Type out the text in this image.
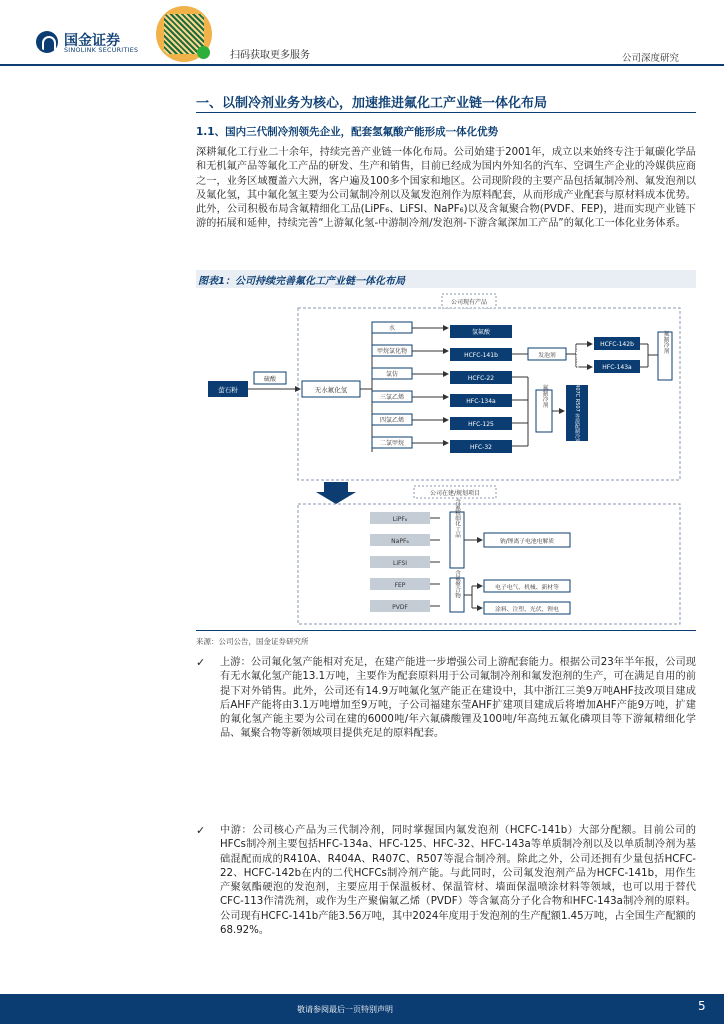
国金证券
SINOLINK SECURITIES	扫码获取更多服务	公司深度研究
一、以制冷剂业务为核心，加速推进氟化工产业链一体化布局
1.1、国内三代制冷剂领先企业，配套氢氟酸产能形成一体化优势
深耕氟化工行业二十余年，持续完善产业链一体化布局。公司始建于2001年，成立以来始终专注于氟碳化学品和无机氟产品等氟化工产品的研发、生产和销售，目前已经成为国内外知名的汽车、空调生产企业的冷媒供应商之一，业务区域覆盖六大洲，客户遍及100多个国家和地区。公司现阶段的主要产品包括氟制冷剂、氟发泡剂以及氟化氢，其中氟化氢主要为公司氟制冷剂以及氟发泡剂作为原料配套，从而形成产业配套与原材料成本优势。此外，公司积极布局含氟精细化工品(LiPF₆、LiFSI、NaPF₆)以及含氟聚合物(PVDF、FEP)，进而实现产业链下游的拓展和延伸，持续完善“上游氟化氢-中游制冷剂/发泡剂-下游含氟深加工产品”的氟化工一体化业务体系。
图表1：公司持续完善氟化工产业链一体化布局
公司现有产品
萤石粉
硫酸
无水氟化氢
水
甲烷氯化物
氯仿
三氯乙烯
四氯乙烯
二氯甲烷
氢氟酸
HCFC-141b
HCFC-22
HFC-134a
HFC-125
HFC-32
发泡剂
HCFC-142b
HFC-143a
氟制冷剂
氟制冷剂	R410A R404A R407C R507 等混配制冷剂
公司在建/规划项目
LiPF₆
NaPF₆
LiFSI
FEP
PVDF
含氟精细化工品
含氟聚合物
钠/锂离子电池电解质
电子电气、机械、新材等
涂料、注塑、光伏、锂电
来源：公司公告，国金证券研究所
✓ 上游：公司氟化氢产能相对充足，在建产能进一步增强公司上游配套能力。根据公司23年半年报，公司现有无水氟化氢产能13.1万吨，主要作为配套原料用于公司氟制冷剂和氟发泡剂的生产，可在满足自用的前提下对外销售。此外，公司还有14.9万吨氟化氢产能正在建设中，其中浙江三美9万吨AHF技改项目建成后AHF产能将由3.1万吨增加至9万吨，子公司福建东莹AHF扩建项目建成后将增加AHF产能9万吨，扩建的氟化氢产能主要为公司在建的6000吨/年六氟磷酸锂及100吨/年高纯五氟化磷项目等下游氟精细化学品、氟聚合物等新领域项目提供充足的原料配套。
✓ 中游：公司核心产品为三代制冷剂，同时掌握国内氟发泡剂（HCFC-141b）大部分配额。目前公司的HFCs制冷剂主要包括HFC-134a、HFC-125、HFC-32、HFC-143a等单质制冷剂以及以单质制冷剂为基础混配而成的R410A、R404A、R407C、R507等混合制冷剂。除此之外，公司还拥有少量包括HCFC-22、HCFC-142b在内的二代HCFCs制冷剂产能。与此同时，公司氟发泡剂产品为HCFC-141b，用作生产聚氨酯硬泡的发泡剂，主要应用于保温板材、保温管材、墙面保温喷涂材料等领域，也可以用于替代CFC-113作清洗剂，或作为生产聚偏氟乙烯（PVDF）等含氟高分子化合物和HFC-143a制冷剂的原料。公司现有HCFC-141b产能3.56万吨，其中2024年度用于发泡剂的生产配额1.45万吨，占全国生产配额的68.92%。
敬请参阅最后一页特别声明	5
